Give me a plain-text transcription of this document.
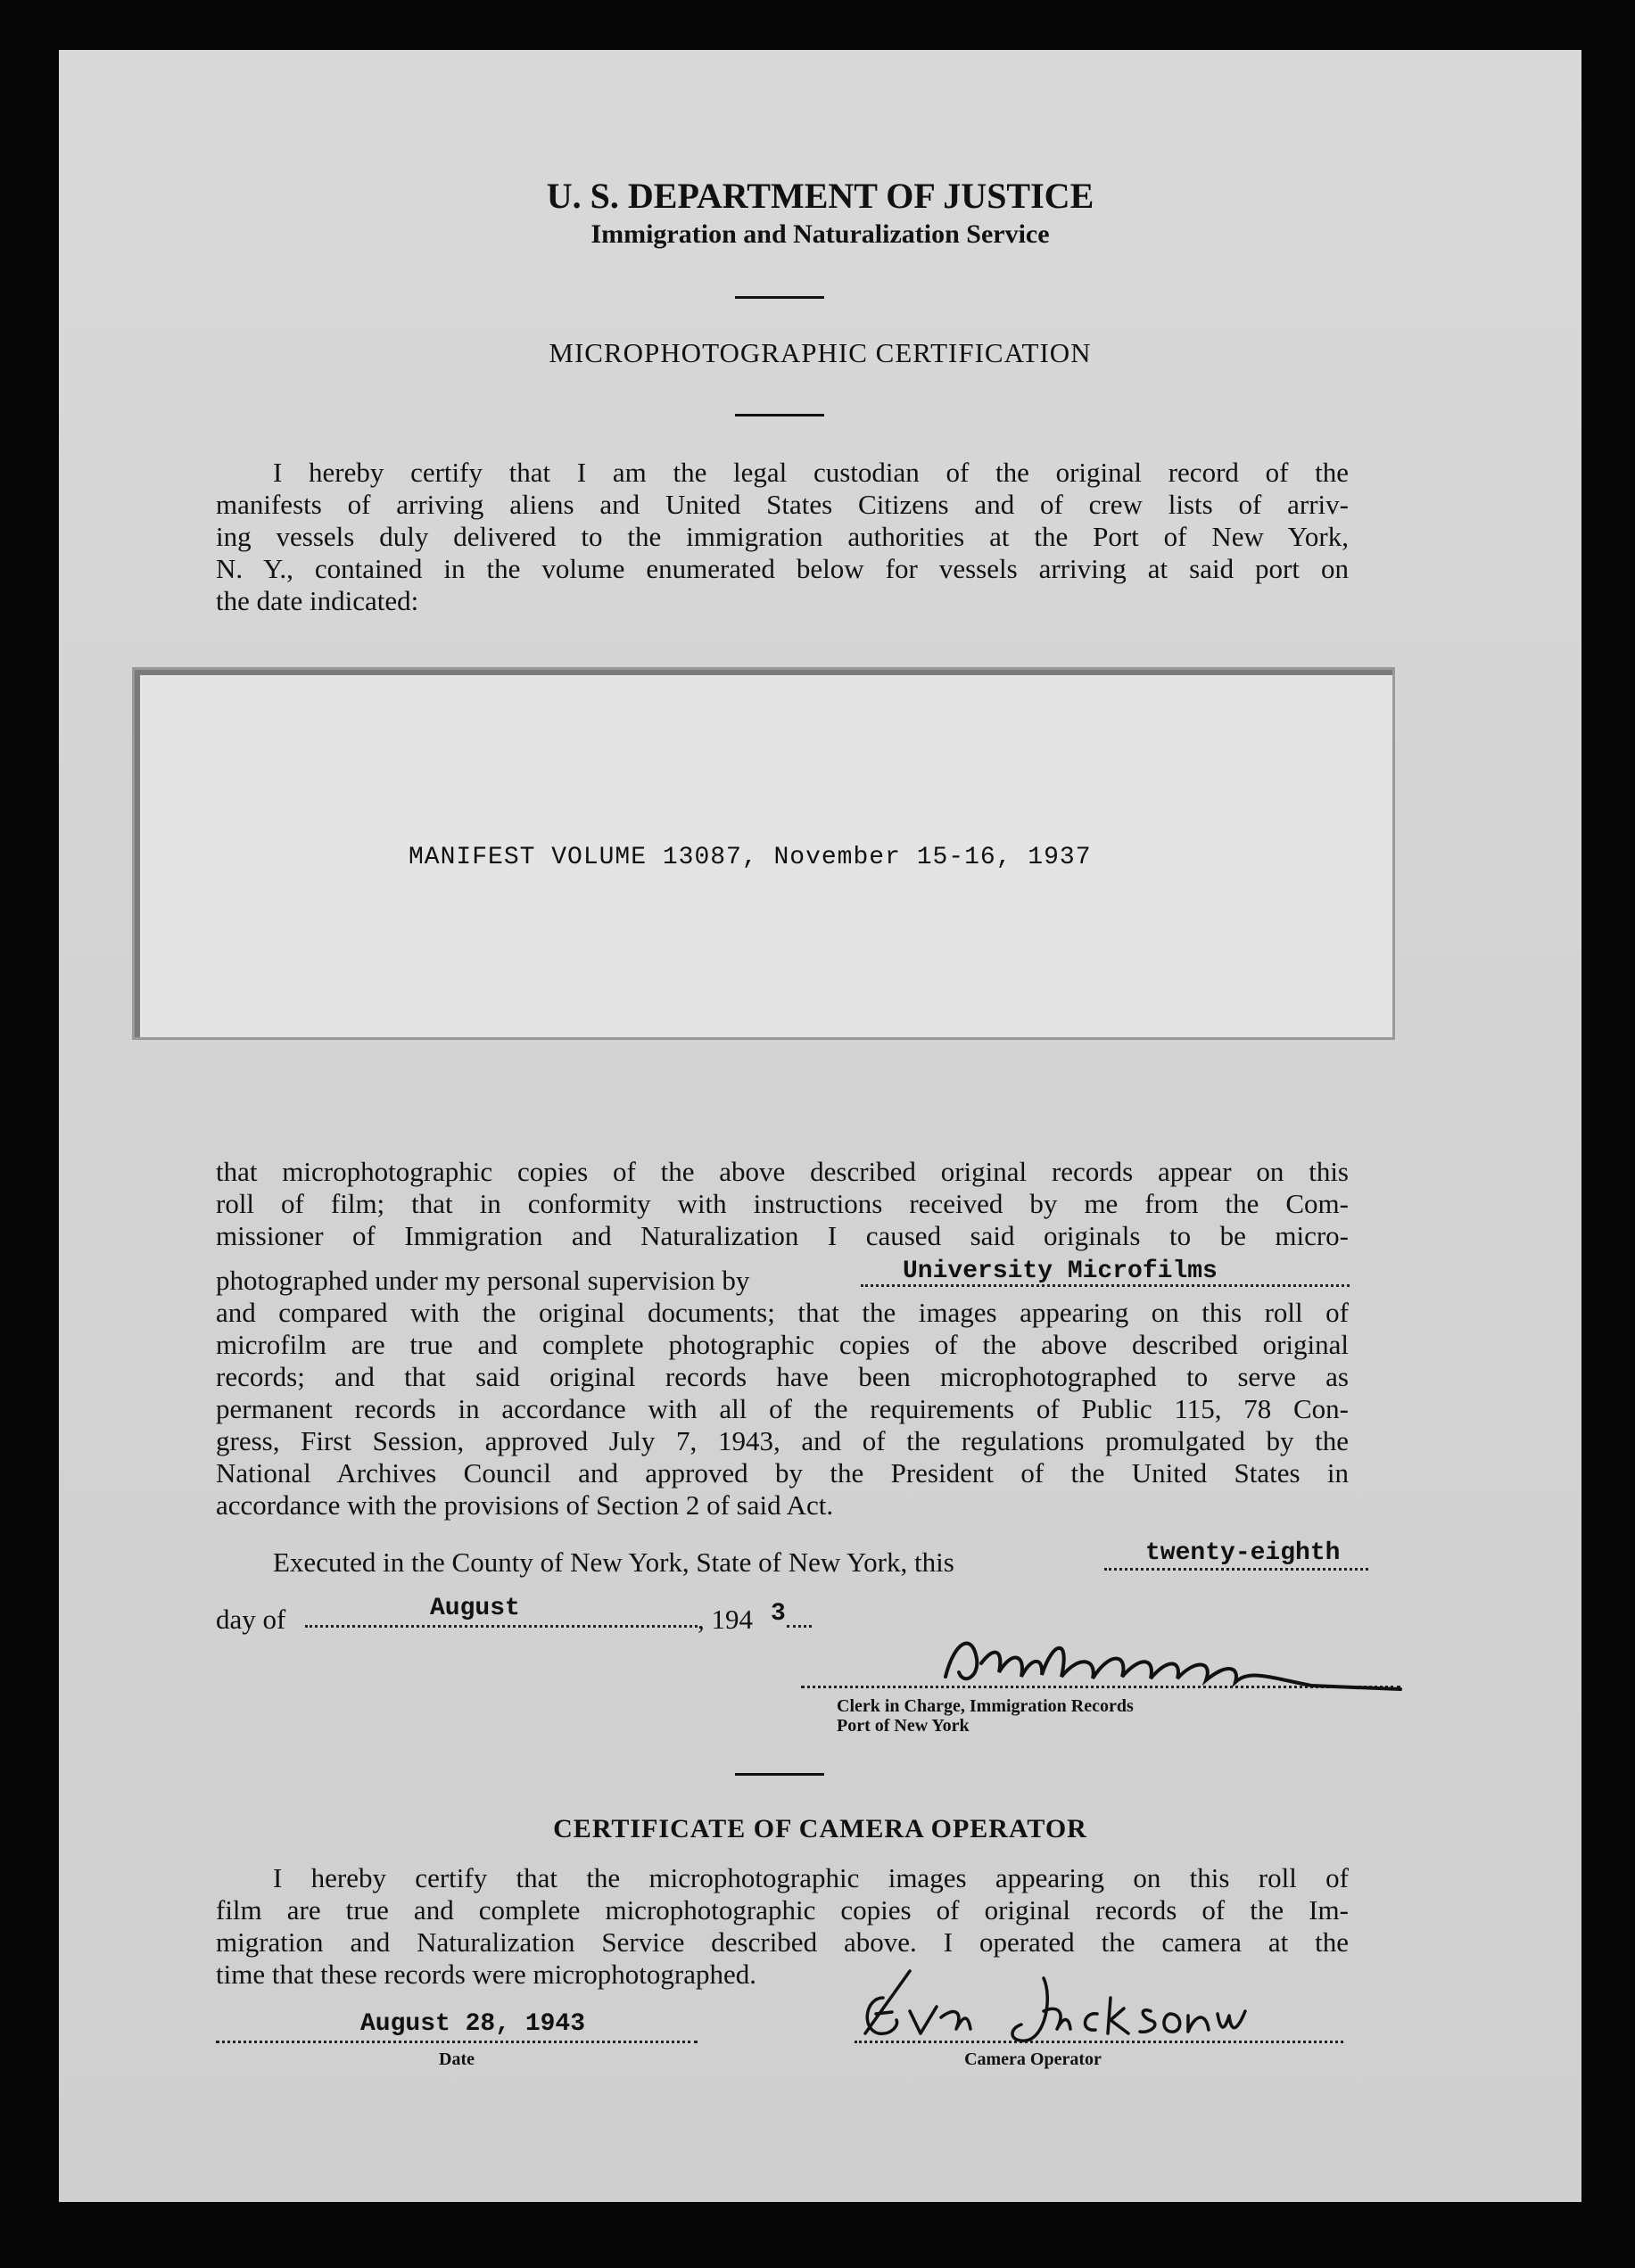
U. S. DEPARTMENT OF JUSTICE
Immigration and Naturalization Service
MICROPHOTOGRAPHIC CERTIFICATION
I hereby certify that I am the legal custodian of the original record of the
manifests of arriving aliens and United States Citizens and of crew lists of arriv-
ing vessels duly delivered to the immigration authorities at the Port of New York,
N. Y., contained in the volume enumerated below for vessels arriving at said port on
the date indicated:
MANIFEST VOLUME 13087, November 15-16, 1937
that microphotographic copies of the above described original records appear on this
roll of film; that in conformity with instructions received by me from the Com-
missioner of Immigration and Naturalization I caused said originals to be micro-
photographed under my personal supervision by	University Microfilms
and compared with the original documents; that the images appearing on this roll of
microfilm are true and complete photographic copies of the above described original
records; and that said original records have been microphotographed to serve as
permanent records in accordance with all of the requirements of Public 115, 78 Con-
gress, First Session, approved July 7, 1943, and of the regulations promulgated by the
National Archives Council and approved by the President of the United States in
accordance with the provisions of Section 2 of said Act.
Executed in the County of New York, State of New York, this	twenty-eighth
day of	August	, 194 3
Clerk in Charge, Immigration Records
Port of New York
CERTIFICATE OF CAMERA OPERATOR
I hereby certify that the microphotographic images appearing on this roll of
film are true and complete microphotographic copies of original records of the Im-
migration and Naturalization Service described above. I operated the camera at the
time that these records were microphotographed.
August 28, 1943
Date	Camera Operator
